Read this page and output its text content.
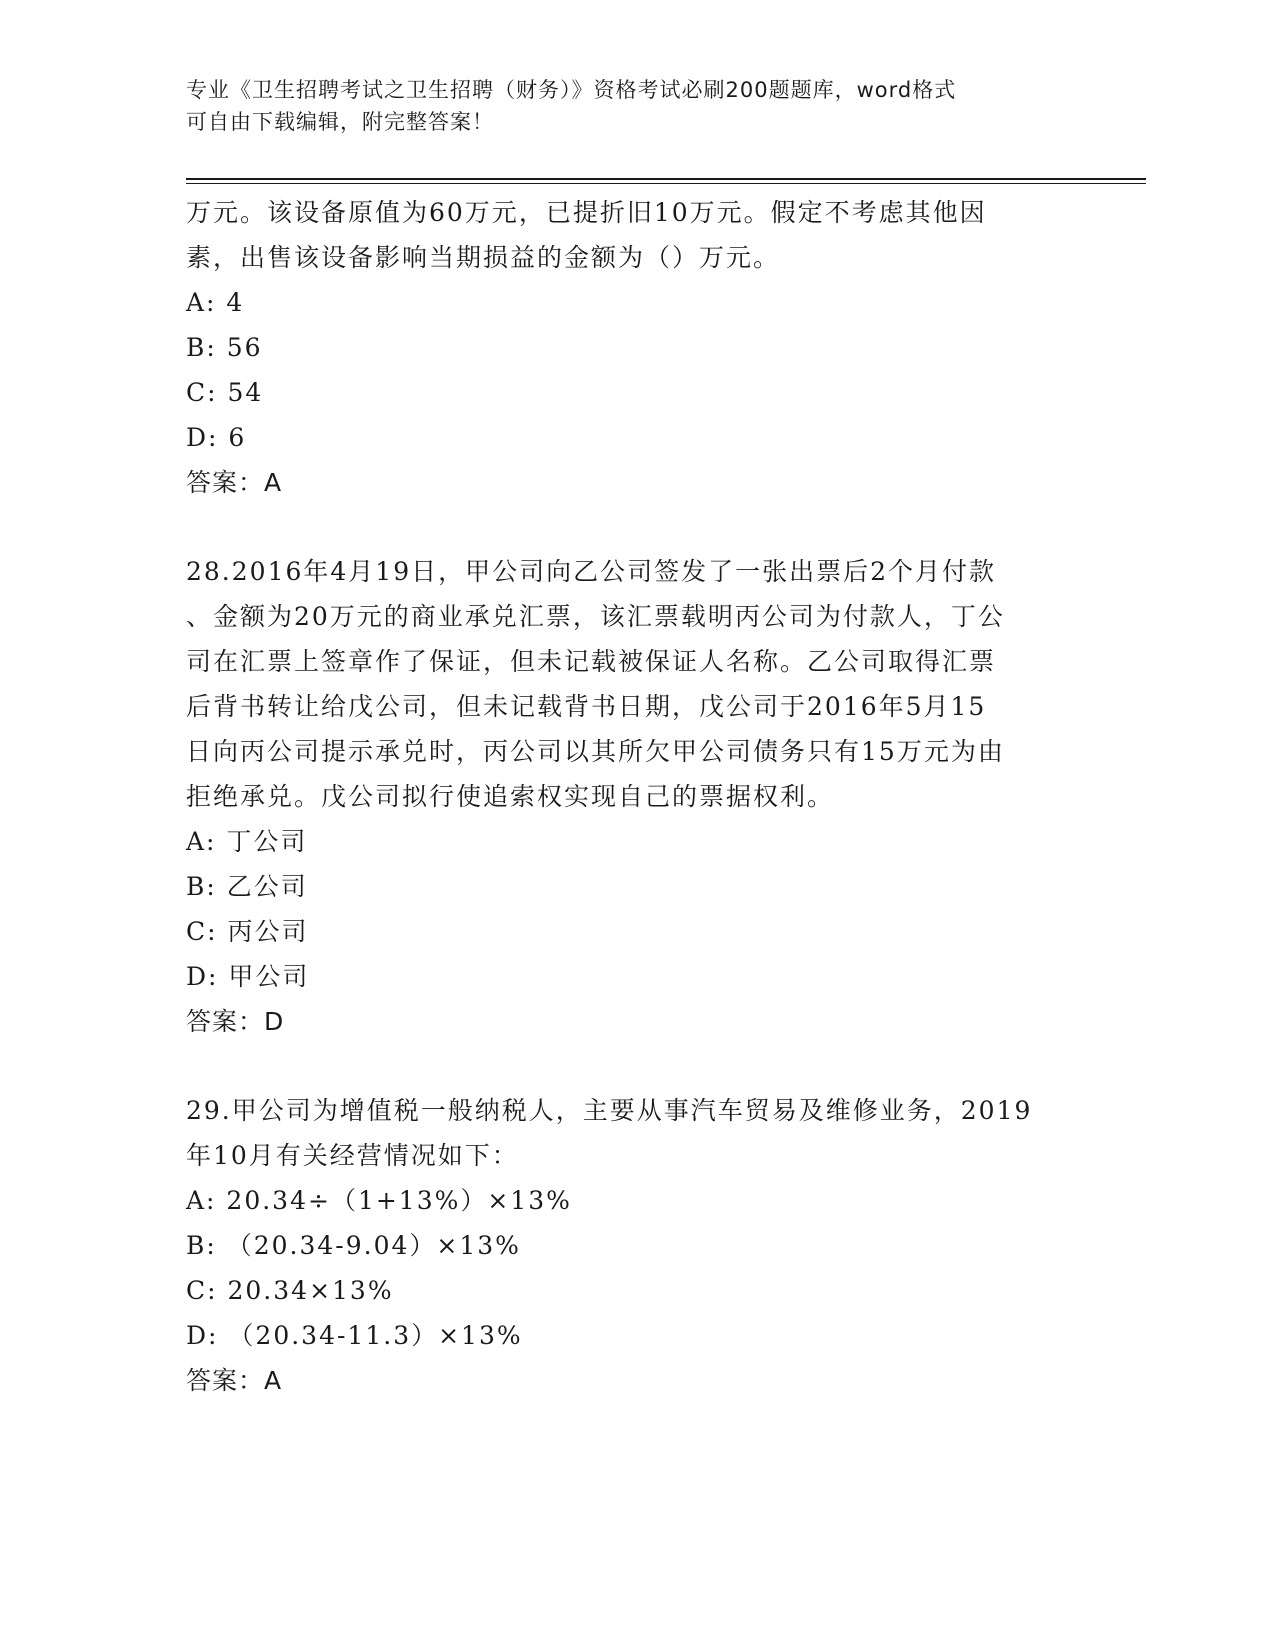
专业《卫生招聘考试之卫生招聘（财务）》资格考试必刷200题题库，word格式

可自由下载编辑，附完整答案！

万元。该设备原值为60万元，已提折旧10万元。假定不考虑其他因

素，出售该设备影响当期损益的金额为（）万元。

A: 4

B: 56

C: 54

D: 6

答案：A

28.2016年4月19日，甲公司向乙公司签发了一张出票后2个月付款

、金额为20万元的商业承兑汇票，该汇票载明丙公司为付款人，丁公

司在汇票上签章作了保证，但未记载被保证人名称。乙公司取得汇票

后背书转让给戊公司，但未记载背书日期，戊公司于2016年5月15

日向丙公司提示承兑时，丙公司以其所欠甲公司债务只有15万元为由

拒绝承兑。戊公司拟行使追索权实现自己的票据权利。

A: 丁公司

B: 乙公司

C: 丙公司

D: 甲公司

答案：D

29.甲公司为增值税一般纳税人，主要从事汽车贸易及维修业务，2019

年10月有关经营情况如下：

A: 20.34÷（1+13%）×13%

B: （20.34-9.04）×13%

C: 20.34×13%

D: （20.34-11.3）×13%

答案：A
